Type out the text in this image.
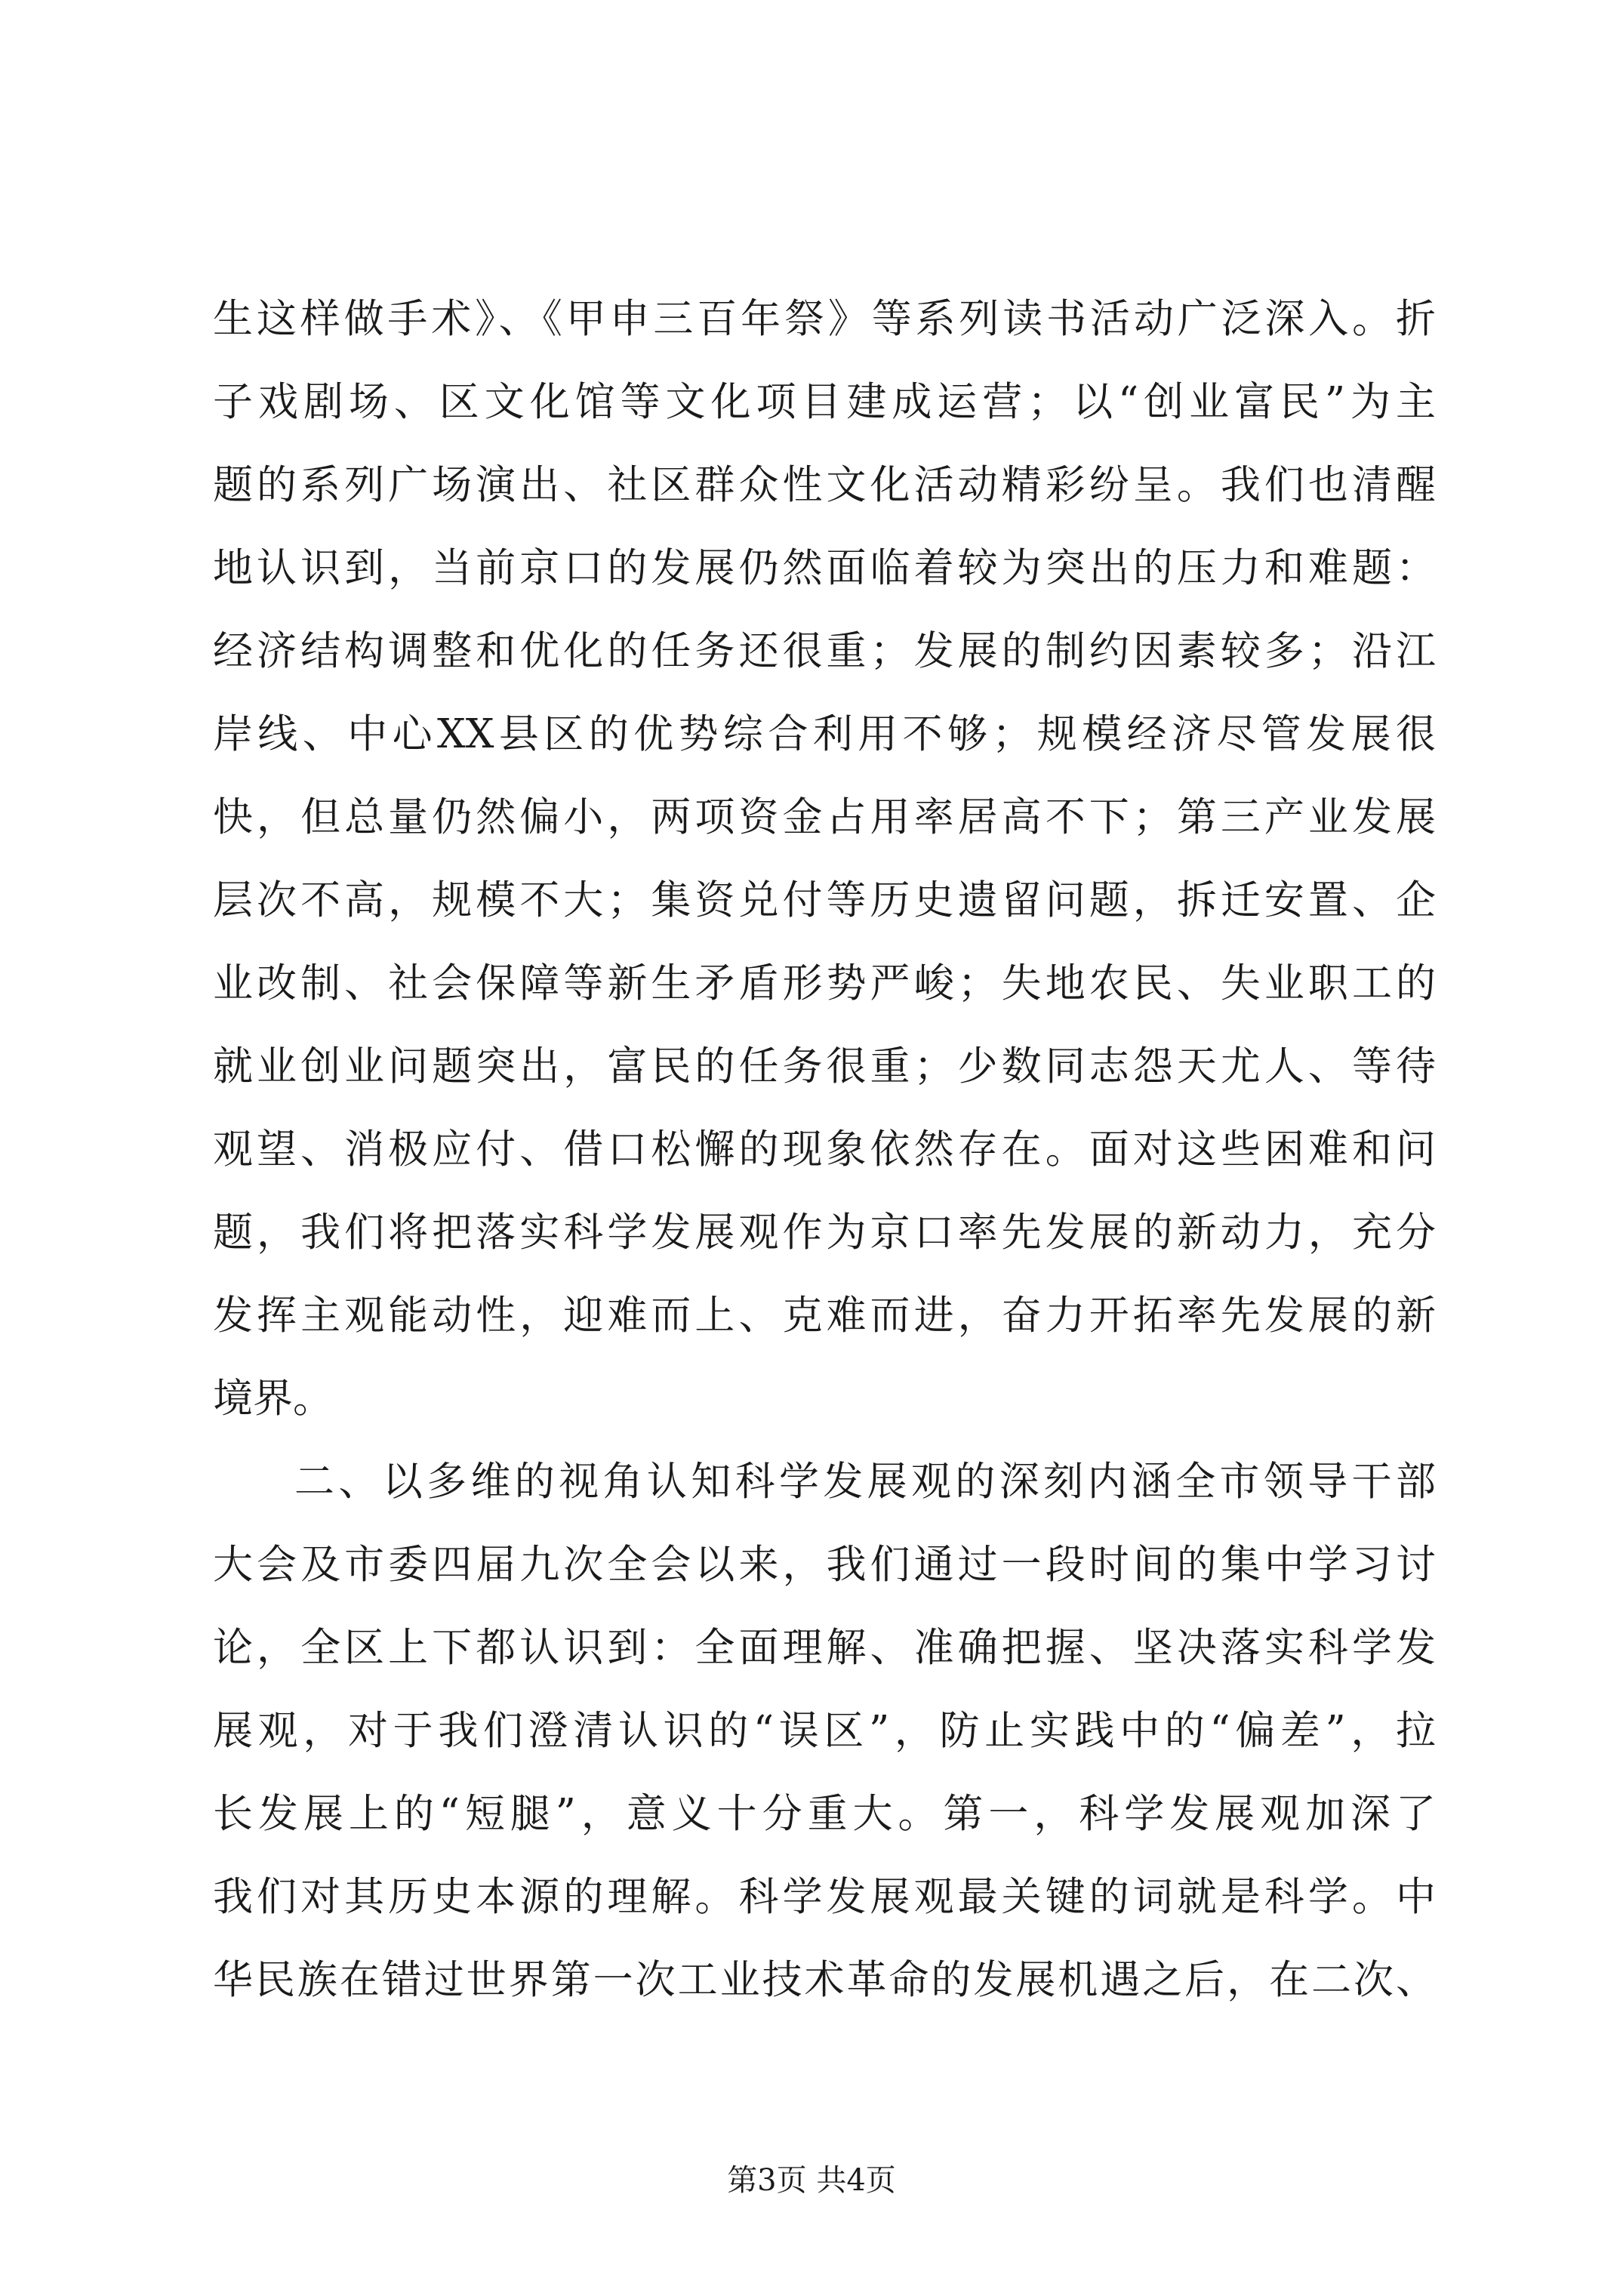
生这样做手术》、《甲申三百年祭》等系列读书活动广泛深入。折
子戏剧场、区文化馆等文化项目建成运营；以“创业富民”为主
题的系列广场演出、社区群众性文化活动精彩纷呈。我们也清醒
地认识到，当前京口的发展仍然面临着较为突出的压力和难题：
经济结构调整和优化的任务还很重；发展的制约因素较多；沿江
岸线、中心XX县区的优势综合利用不够；规模经济尽管发展很
快，但总量仍然偏小，两项资金占用率居高不下；第三产业发展
层次不高，规模不大；集资兑付等历史遗留问题，拆迁安置、企
业改制、社会保障等新生矛盾形势严峻；失地农民、失业职工的
就业创业问题突出，富民的任务很重；少数同志怨天尤人、等待
观望、消极应付、借口松懈的现象依然存在。面对这些困难和问
题，我们将把落实科学发展观作为京口率先发展的新动力，充分
发挥主观能动性，迎难而上、克难而进，奋力开拓率先发展的新
境界。
二、以多维的视角认知科学发展观的深刻内涵全市领导干部
大会及市委四届九次全会以来，我们通过一段时间的集中学习讨
论，全区上下都认识到：全面理解、准确把握、坚决落实科学发
展观，对于我们澄清认识的“误区”，防止实践中的“偏差”，拉
长发展上的“短腿”，意义十分重大。第一，科学发展观加深了
我们对其历史本源的理解。科学发展观最关键的词就是科学。中
华民族在错过世界第一次工业技术革命的发展机遇之后，在二次、
第3页 共4页
